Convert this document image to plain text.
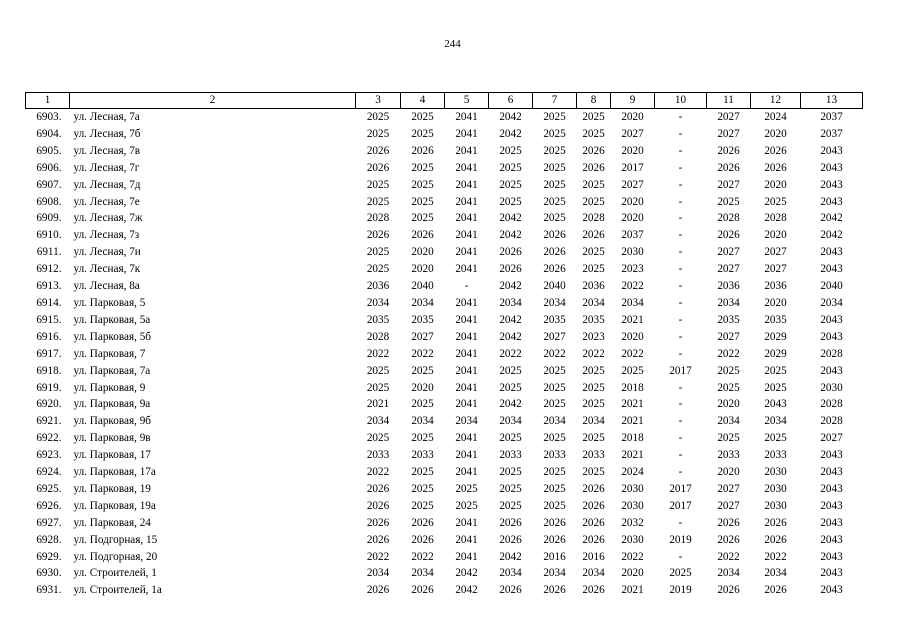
244
1	2	3	4	5	6	7	8	9	10	11	12	13
6903.	ул. Лесная, 7а	2025	2025	2041	2042	2025	2025	2020	-	2027	2024	2037
6904.	ул. Лесная, 7б	2025	2025	2041	2042	2025	2025	2027	-	2027	2020	2037
6905.	ул. Лесная, 7в	2026	2026	2041	2025	2025	2026	2020	-	2026	2026	2043
6906.	ул. Лесная, 7г	2026	2025	2041	2025	2025	2026	2017	-	2026	2026	2043
6907.	ул. Лесная, 7д	2025	2025	2041	2025	2025	2025	2027	-	2027	2020	2043
6908.	ул. Лесная, 7е	2025	2025	2041	2025	2025	2025	2020	-	2025	2025	2043
6909.	ул. Лесная, 7ж	2028	2025	2041	2042	2025	2028	2020	-	2028	2028	2042
6910.	ул. Лесная, 7з	2026	2026	2041	2042	2026	2026	2037	-	2026	2020	2042
6911.	ул. Лесная, 7и	2025	2020	2041	2026	2026	2025	2030	-	2027	2027	2043
6912.	ул. Лесная, 7к	2025	2020	2041	2026	2026	2025	2023	-	2027	2027	2043
6913.	ул. Лесная, 8а	2036	2040	-	2042	2040	2036	2022	-	2036	2036	2040
6914.	ул. Парковая, 5	2034	2034	2041	2034	2034	2034	2034	-	2034	2020	2034
6915.	ул. Парковая, 5а	2035	2035	2041	2042	2035	2035	2021	-	2035	2035	2043
6916.	ул. Парковая, 5б	2028	2027	2041	2042	2027	2023	2020	-	2027	2029	2043
6917.	ул. Парковая, 7	2022	2022	2041	2022	2022	2022	2022	-	2022	2029	2028
6918.	ул. Парковая, 7а	2025	2025	2041	2025	2025	2025	2025	2017	2025	2025	2043
6919.	ул. Парковая, 9	2025	2020	2041	2025	2025	2025	2018	-	2025	2025	2030
6920.	ул. Парковая, 9а	2021	2025	2041	2042	2025	2025	2021	-	2020	2043	2028
6921.	ул. Парковая, 9б	2034	2034	2034	2034	2034	2034	2021	-	2034	2034	2028
6922.	ул. Парковая, 9в	2025	2025	2041	2025	2025	2025	2018	-	2025	2025	2027
6923.	ул. Парковая, 17	2033	2033	2041	2033	2033	2033	2021	-	2033	2033	2043
6924.	ул. Парковая, 17а	2022	2025	2041	2025	2025	2025	2024	-	2020	2030	2043
6925.	ул. Парковая, 19	2026	2025	2025	2025	2025	2026	2030	2017	2027	2030	2043
6926.	ул. Парковая, 19а	2026	2025	2025	2025	2025	2026	2030	2017	2027	2030	2043
6927.	ул. Парковая, 24	2026	2026	2041	2026	2026	2026	2032	-	2026	2026	2043
6928.	ул. Подгорная, 15	2026	2026	2041	2026	2026	2026	2030	2019	2026	2026	2043
6929.	ул. Подгорная, 20	2022	2022	2041	2042	2016	2016	2022	-	2022	2022	2043
6930.	ул. Строителей, 1	2034	2034	2042	2034	2034	2034	2020	2025	2034	2034	2043
6931.	ул. Строителей, 1а	2026	2026	2042	2026	2026	2026	2021	2019	2026	2026	2043
